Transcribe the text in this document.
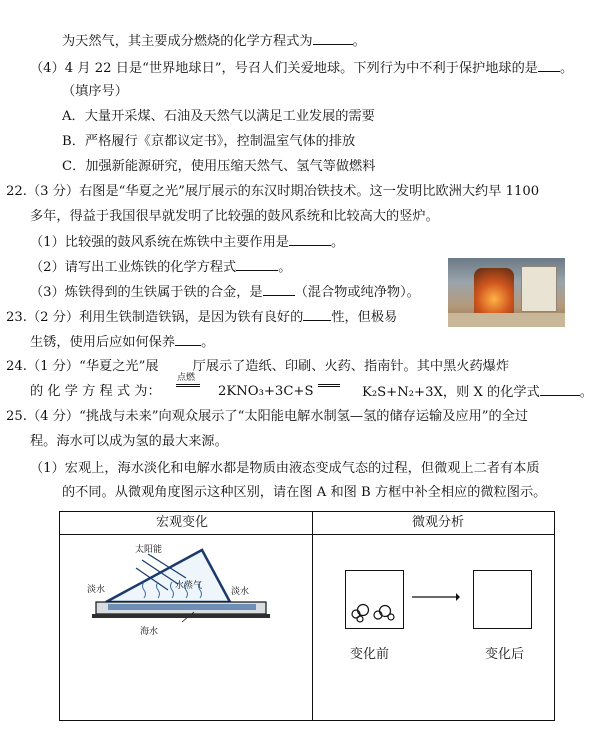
为天然气，其主要成分燃烧的化学方程式为	。
（4）4 月 22 日是“世界地球日”，号召人们关爱地球。下列行为中不利于保护地球的是 。
（填序号）
A．大量开采煤、石油及天然气以满足工业发展的需要
B．严格履行《京都议定书》，控制温室气体的排放
C．加强新能源研究，使用压缩天然气、氢气等做燃料
22.（3 分）右图是“华夏之光”展厅展示的东汉时期冶铁技术。这一发明比欧洲大约早 1100
多年，得益于我国很早就发明了比较强的鼓风系统和比较高大的竖炉。
（1）比较强的鼓风系统在炼铁中主要作用是	。
（2）请写出工业炼铁的化学方程式	。
（3）炼铁得到的生铁属于铁的合金，是 （混合物或纯净物）。
23.（2 分）利用生铁制造铁锅，是因为铁有良好的 性，但极易
生锈，使用后应如何保养 。
24.（1 分）“华夏之光”展	厅展示了造纸、印刷、火药、指南针。其中黑火药爆炸
的 化 学 方 程 式 为：
点燃
2KNO₃+3C+S	K₂S+N₂+3X，则 X 的化学式	。
25.（4 分）“挑战与未来”向观众展示了“太阳能电解水制氢—氢的储存运输及应用”的全过
程。海水可以成为氢的最大来源。
（1）宏观上，海水淡化和电解水都是物质由液态变成气态的过程，但微观上二者有本质
的不同。从微观角度图示这种区别，请在图 A 和图 B 方框中补全相应的微粒图示。
宏观变化	微观分析
太阳能
淡水	水蒸气
淡水
海水
变化前	变化后
